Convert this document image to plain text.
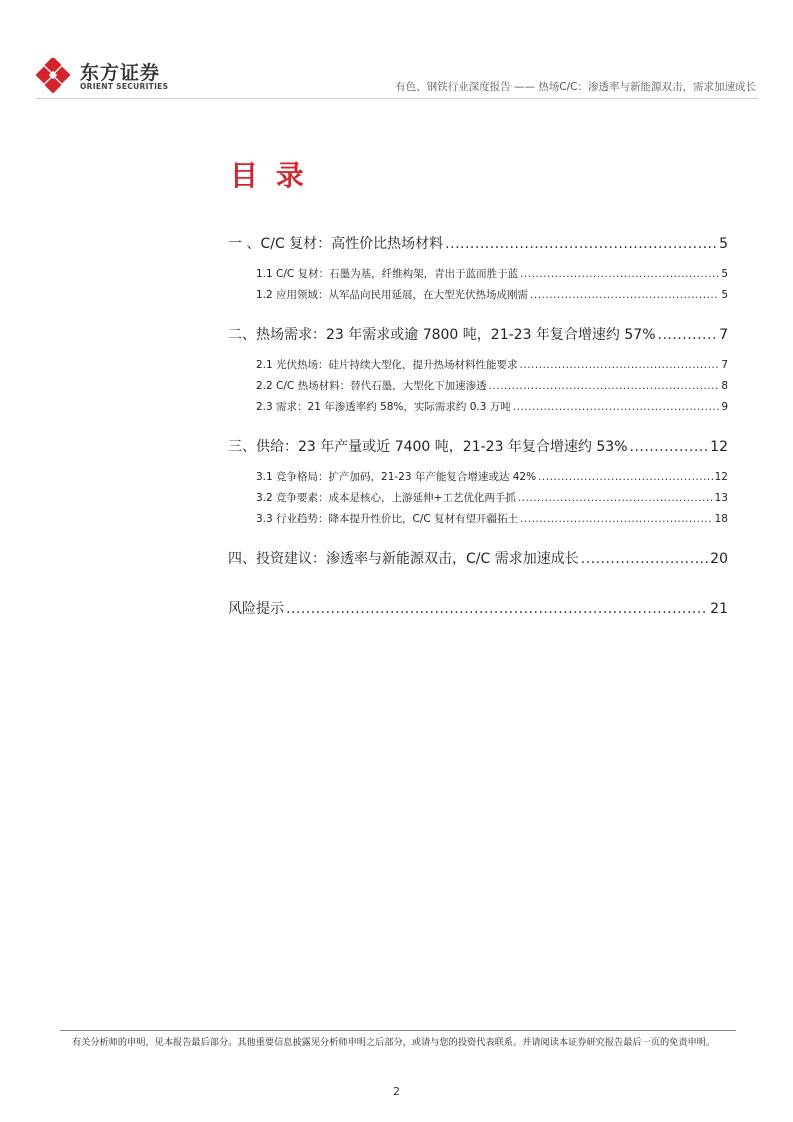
东方证券
ORIENT SECURITIES	有色、钢铁行业深度报告 —— 热场C/C：渗透率与新能源双击，需求加速成长
目 录
一 、C/C 复材：高性价比热场材料 .....	5
1.1 C/C 复材：石墨为基，纤维构架，青出于蓝而胜于蓝 .....	5
1.2 应用领域：从军品向民用延展，在大型光伏热场成刚需 .....	5
二、热场需求：23 年需求或逾 7800 吨，21-23 年复合增速约 57% .....	7
2.1 光伏热场：硅片持续大型化，提升热场材料性能要求 .....	7
2.2 C/C 热场材料：替代石墨，大型化下加速渗透 .....	8
2.3 需求：21 年渗透率约 58%，实际需求约 0.3 万吨 .....	9
三、供给：23 年产量或近 7400 吨，21-23 年复合增速约 53% .....	12
3.1 竞争格局：扩产加码，21-23 年产能复合增速或达 42% .....	12
3.2 竞争要素：成本是核心，上游延伸+工艺优化两手抓 .....	13
3.3 行业趋势：降本提升性价比，C/C 复材有望开疆拓土 .....	18
四、投资建议：渗透率与新能源双击，C/C 需求加速成长 .....	20
风险提示 .....	21
有关分析师的申明，见本报告最后部分。其他重要信息披露见分析师申明之后部分，或请与您的投资代表联系。并请阅读本证券研究报告最后一页的免责申明。
2
